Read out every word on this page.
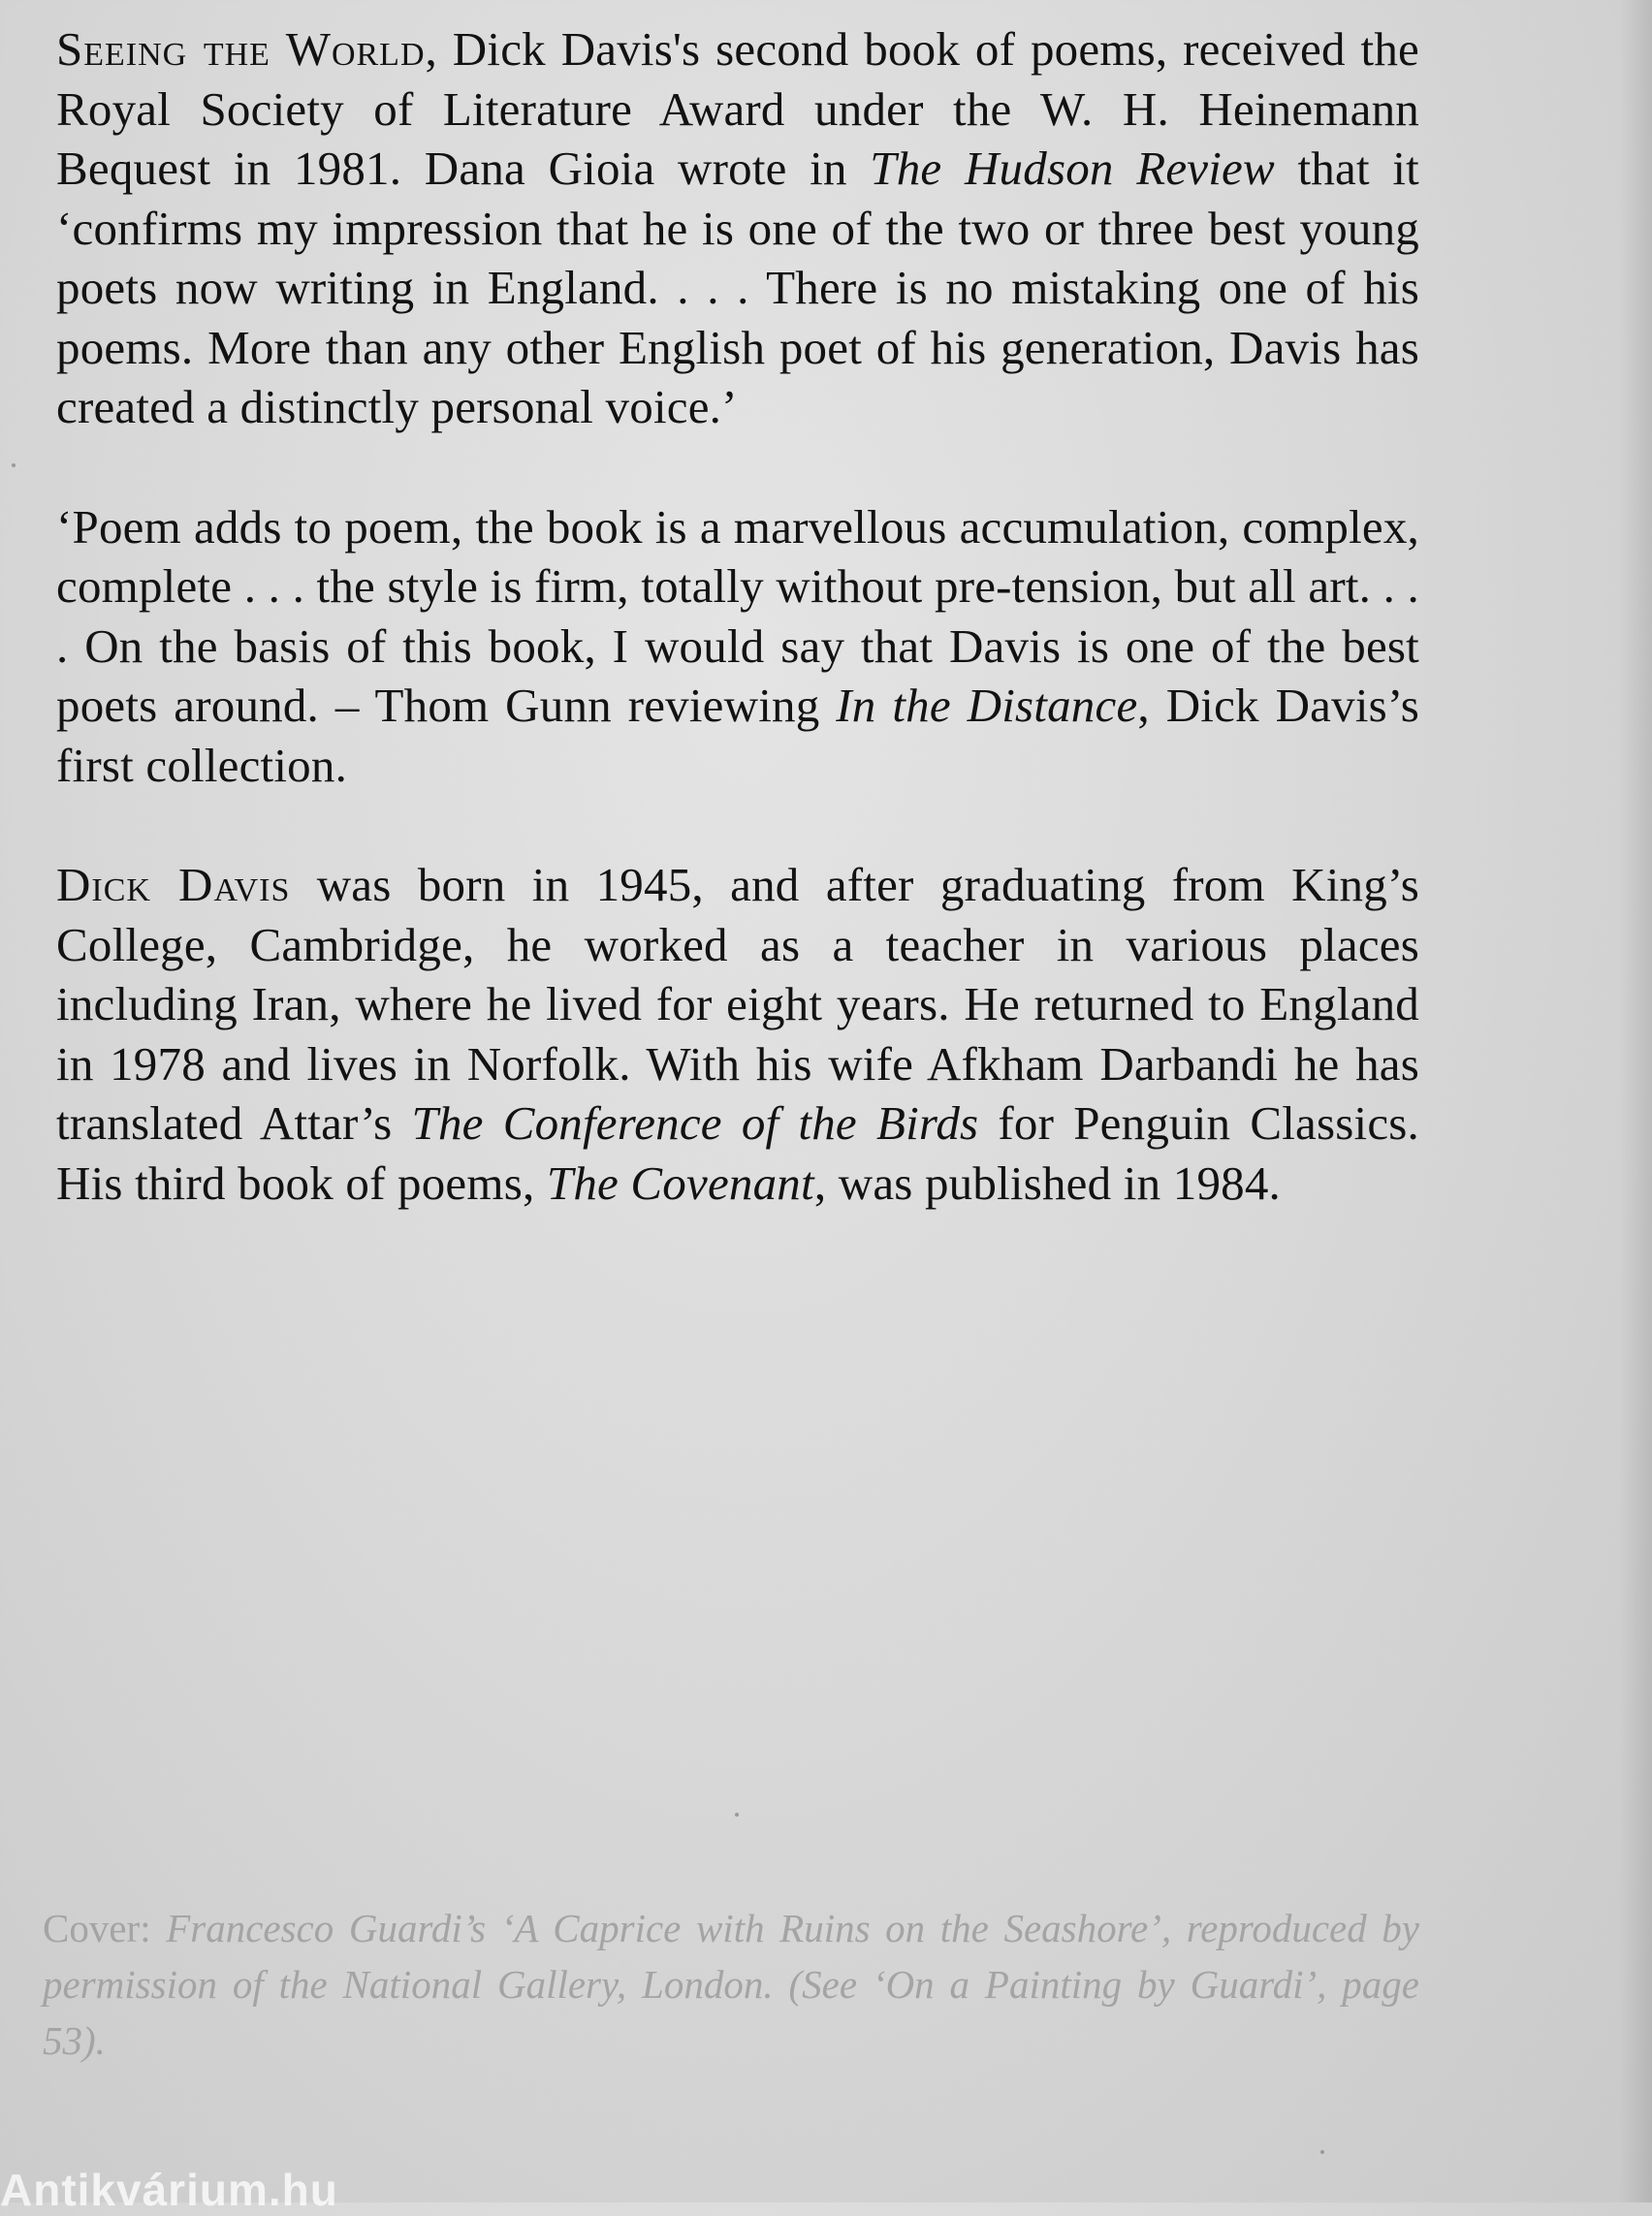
Seeing the World, Dick Davis's second book of poems, received the Royal Society of Literature Award under the W. H. Heinemann Bequest in 1981. Dana Gioia wrote in The Hudson Review that it ‘confirms my impression that he is one of the two or three best young poets now writing in England. . . . There is no mistaking one of his poems. More than any other English poet of his generation, Davis has created a distinctly personal voice.’

‘Poem adds to poem, the book is a marvellous accumulation, complex, complete . . . the style is firm, totally without pre-tension, but all art. . . . On the basis of this book, I would say that Davis is one of the best poets around. – Thom Gunn reviewing In the Distance, Dick Davis’s first collection.

Dick Davis was born in 1945, and after graduating from King’s College, Cambridge, he worked as a teacher in various places including Iran, where he lived for eight years. He returned to England in 1978 and lives in Norfolk. With his wife Afkham Darbandi he has translated Attar’s The Conference of the Birds for Penguin Classics. His third book of poems, The Covenant, was published in 1984.

Cover: Francesco Guardi’s ‘A Caprice with Ruins on the Seashore’, reproduced by permission of the National Gallery, London. (See ‘On a Painting by Guardi’, page 53).
Antikvárium.hu
